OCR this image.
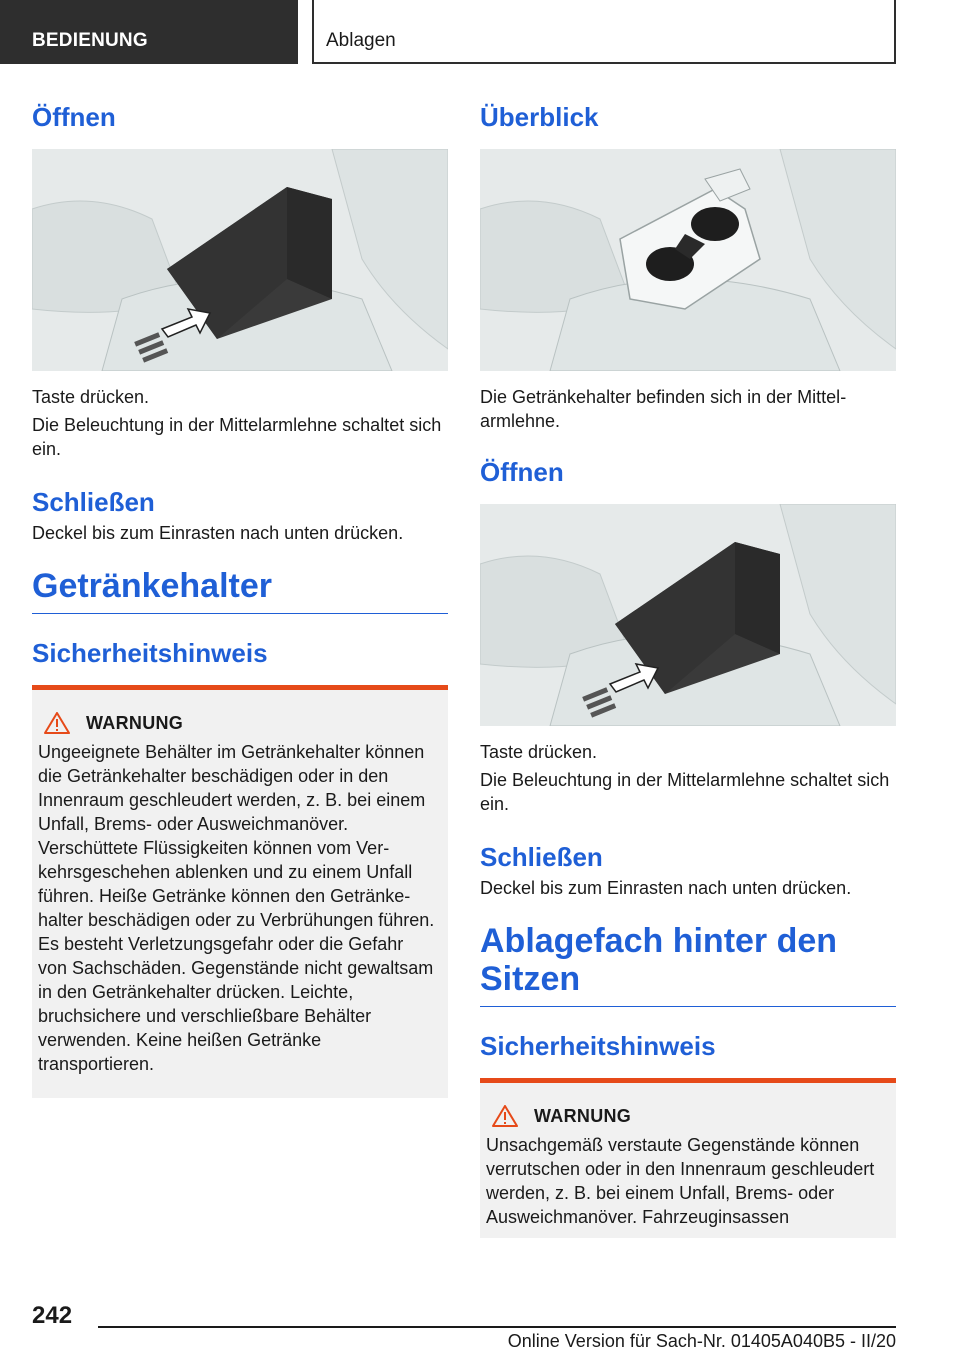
BEDIENUNG	Ablagen
Öffnen

Taste drücken.

Die Beleuchtung in der Mittelarmlehne schaltet sich ein.

Schließen

Deckel bis zum Einrasten nach unten drücken.

Getränkehalter
Sicherheitshinweis
WARNUNG

Ungeeignete Behälter im Getränkehalter können die Getränkehalter beschädigen oder in den Innenraum geschleudert werden, z. B. bei einem Unfall, Brems- oder Ausweichmanöver. Verschüttete Flüssigkeiten können vom Verkehrsgeschehen ablenken und zu einem Unfall führen. Heiße Getränke können den Getränkehalter beschädigen oder zu Verbrühungen führen. Es besteht Verletzungsgefahr oder die Gefahr von Sachschäden. Gegenstände nicht gewaltsam in den Getränkehalter drücken. Leichte, bruchsichere und verschließbare Behälter verwenden. Keine heißen Getränke transportieren.

Überblick

Die Getränkehalter befinden sich in der Mittelarmlehne.

Öffnen

Taste drücken.

Die Beleuchtung in der Mittelarmlehne schaltet sich ein.

Schließen

Deckel bis zum Einrasten nach unten drücken.

Ablagefach hinter den Sitzen
Sicherheitshinweis
WARNUNG

Unsachgemäß verstaute Gegenstände können verrutschen oder in den Innenraum geschleudert werden, z. B. bei einem Unfall, Brems- oder Ausweichmanöver. Fahrzeuginsassen

242
Online Version für Sach-Nr. 01405A040B5 - II/20
